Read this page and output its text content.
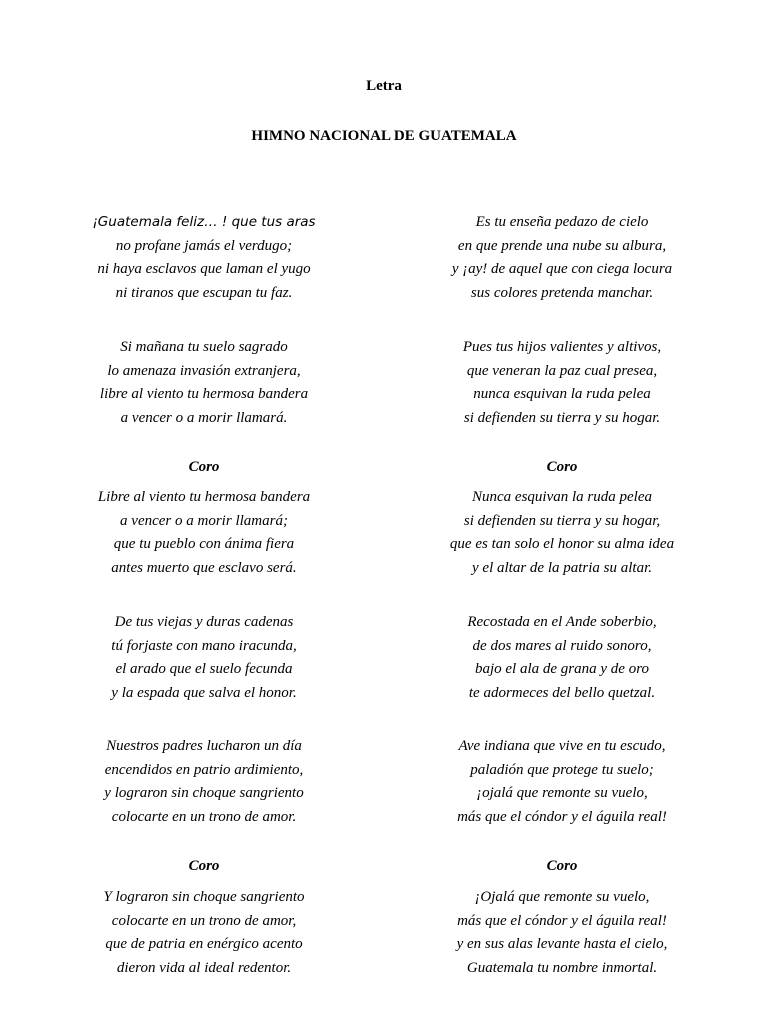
Letra
HIMNO NACIONAL DE GUATEMALA
¡Guatemala feliz… ! que tus aras
no profane jamás el verdugo;
ni haya esclavos que laman el yugo
ni tiranos que escupan tu faz.
Si mañana tu suelo sagrado
lo amenaza invasión extranjera,
libre al viento tu hermosa bandera
a vencer o a morir llamará.
Coro
Libre al viento tu hermosa bandera
a vencer o a morir llamará;
que tu pueblo con ánima fiera
antes muerto que esclavo será.
De tus viejas y duras cadenas
tú forjaste con mano iracunda,
el arado que el suelo fecunda
y la espada que salva el honor.
Nuestros padres lucharon un día
encendidos en patrio ardimiento,
y lograron sin choque sangriento
colocarte en un trono de amor.
Coro
Y lograron sin choque sangriento
colocarte en un trono de amor,
que de patria en enérgico acento
dieron vida al ideal redentor.
Es tu enseña pedazo de cielo
en que prende una nube su albura,
y ¡ay! de aquel que con ciega locura
sus colores pretenda manchar.
Pues tus hijos valientes y altivos,
que veneran la paz cual presea,
nunca esquivan la ruda pelea
si defienden su tierra y su hogar.
Coro
Nunca esquivan la ruda pelea
si defienden su tierra y su hogar,
que es tan solo el honor su alma idea
y el altar de la patria su altar.
Recostada en el Ande soberbio,
de dos mares al ruido sonoro,
bajo el ala de grana y de oro
te adormeces del bello quetzal.
Ave indiana que vive en tu escudo,
paladión que protege tu suelo;
¡ojalá que remonte su vuelo,
más que el cóndor y el águila real!
Coro
¡Ojalá que remonte su vuelo,
más que el cóndor y el águila real!
y en sus alas levante hasta el cielo,
Guatemala tu nombre inmortal.
